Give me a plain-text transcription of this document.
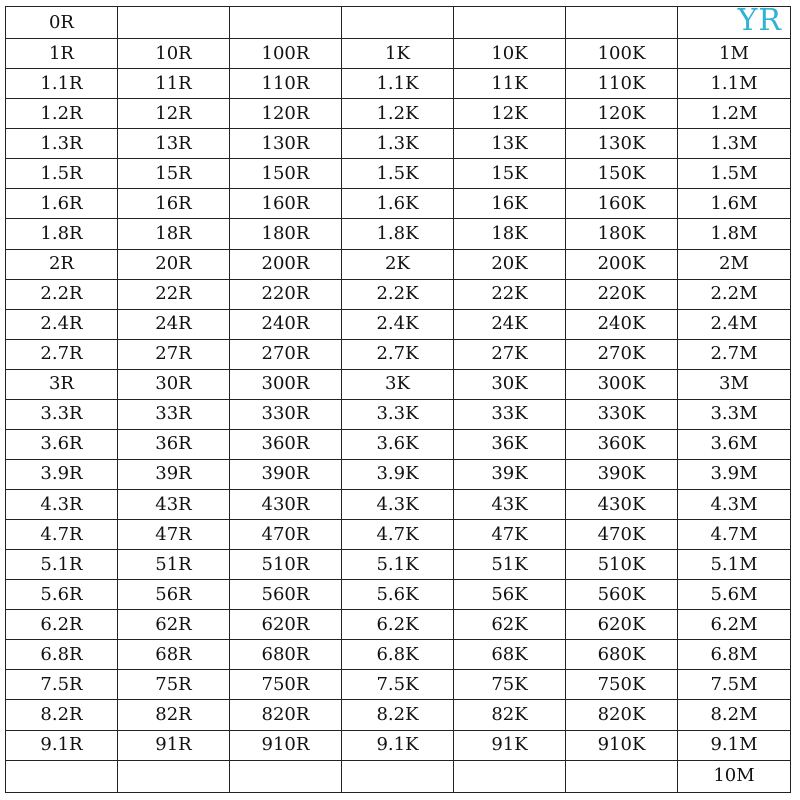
0R						YR

1R	10R	100R	1K	10K	100K	1M
1.1R	11R	110R	1.1K	11K	110K	1.1M
1.2R	12R	120R	1.2K	12K	120K	1.2M
1.3R	13R	130R	1.3K	13K	130K	1.3M
1.5R	15R	150R	1.5K	15K	150K	1.5M
1.6R	16R	160R	1.6K	16K	160K	1.6M
1.8R	18R	180R	1.8K	18K	180K	1.8M
2R	20R	200R	2K	20K	200K	2M
2.2R	22R	220R	2.2K	22K	220K	2.2M
2.4R	24R	240R	2.4K	24K	240K	2.4M
2.7R	27R	270R	2.7K	27K	270K	2.7M
3R	30R	300R	3K	30K	300K	3M
3.3R	33R	330R	3.3K	33K	330K	3.3M
3.6R	36R	360R	3.6K	36K	360K	3.6M
3.9R	39R	390R	3.9K	39K	390K	3.9M
4.3R	43R	430R	4.3K	43K	430K	4.3M
4.7R	47R	470R	4.7K	47K	470K	4.7M
5.1R	51R	510R	5.1K	51K	510K	5.1M
5.6R	56R	560R	5.6K	56K	560K	5.6M
6.2R	62R	620R	6.2K	62K	620K	6.2M
6.8R	68R	680R	6.8K	68K	680K	6.8M
7.5R	75R	750R	7.5K	75K	750K	7.5M
8.2R	82R	820R	8.2K	82K	820K	8.2M
9.1R	91R	910R	9.1K	91K	910K	9.1M
						10M
